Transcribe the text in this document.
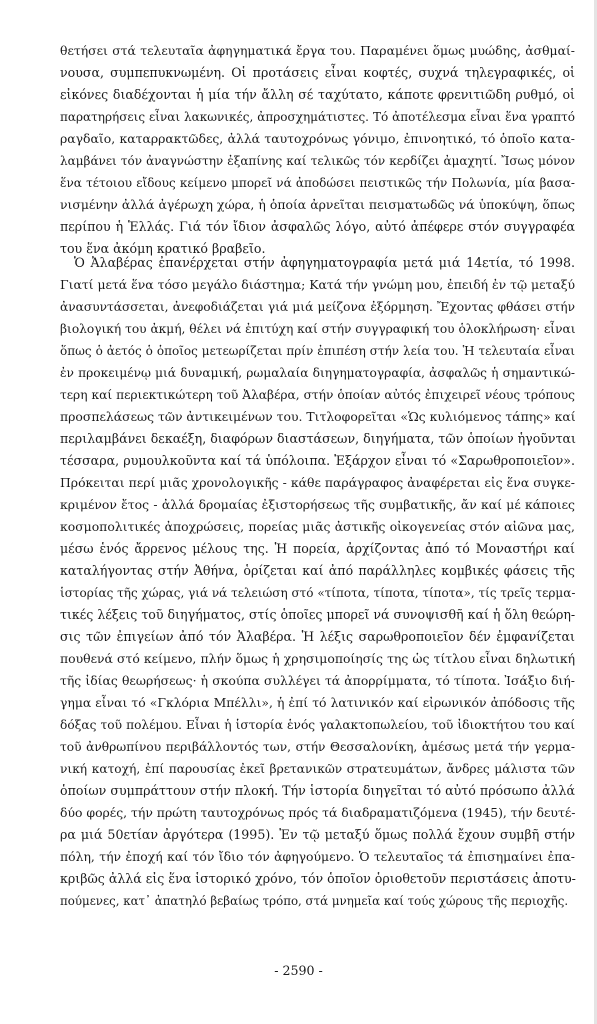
θετήσει στά τελευταῖα ἀφηγηματικά ἔργα του. Παραμένει ὅμως μυώδης, ἀσθμαί-
νουσα, συμπεπυκνωμένη. Οἱ προτάσεις εἶναι κοφτές, συχνά τηλεγραφικές, οἱ
εἰκόνες διαδέχονται ἡ μία τήν ἄλλη σέ ταχύτατο, κάποτε φρενιτιῶδη ρυθμό, οἱ
παρατηρήσεις εἶναι λακωνικές, ἀπροσχημάτιστες. Τό ἀποτέλεσμα εἶναι ἕνα γραπτό
ραγδαῖο, καταρρακτῶδες, ἀλλά ταυτοχρόνως γόνιμο, ἐπινοητικό, τό ὁποῖο κατα-
λαμβάνει τόν ἀναγνώστην ἐξαπίνης καί τελικῶς τόν κερδίζει ἀμαχητί. Ἴσως μόνον
ἕνα τέτοιου εἴδους κείμενο μπορεῖ νά ἀποδώσει πειστικῶς τήν Πολωνία, μία βασα-
νισμένην ἀλλά ἀγέρωχη χώρα, ἡ ὁποία ἀρνεῖται πεισματωδῶς νά ὑποκύψη, ὅπως
περίπου ἡ Ἑλλάς. Γιά τόν ἴδιον ἀσφαλῶς λόγο, αὐτό ἀπέφερε στόν συγγραφέα
του ἕνα ἀκόμη κρατικό βραβεῖο.
Ὁ Ἀλαβέρας ἐπανέρχεται στήν ἀφηγηματογραφία μετά μιά 14ετία, τό 1998.
Γιατί μετά ἕνα τόσο μεγάλο διάστημα; Κατά τήν γνώμη μου, ἐπειδή ἐν τῷ μεταξύ
ἀνασυντάσσεται, ἀνεφοδιάζεται γιά μιά μείζονα ἐξόρμηση. Ἔχοντας φθάσει στήν
βιολογική του ἀκμή, θέλει νά ἐπιτύχη καί στήν συγγραφική του ὁλοκλήρωση· εἶναι
ὅπως ὁ ἀετός ὁ ὁποῖος μετεωρίζεται πρίν ἐπιπέση στήν λεία του. Ἡ τελευταία εἶναι
ἐν προκειμένῳ μιά δυναμική, ρωμαλαία διηγηματογραφία, ἀσφαλῶς ἡ σημαντικώ-
τερη καί περιεκτικώτερη τοῦ Ἀλαβέρα, στήν ὁποίαν αὐτός ἐπιχειρεῖ νέους τρόπους
προσπελάσεως τῶν ἀντικειμένων του. Τιτλοφορεῖται «Ὡς κυλιόμενος τάπης» καί
περιλαμβάνει δεκαέξη, διαφόρων διαστάσεων, διηγήματα, τῶν ὁποίων ἡγοῦνται
τέσσαρα, ρυμουλκοῦντα καί τά ὑπόλοιπα. Ἐξάρχον εἶναι τό «Σαρωθροποιεῖον».
Πρόκειται περί μιᾶς χρονολογικῆς - κάθε παράγραφος ἀναφέρεται εἰς ἕνα συγκε-
κριμένον ἔτος - ἀλλά δρομαίας ἐξιστορήσεως τῆς συμβατικῆς, ἄν καί μέ κάποιες
κοσμοπολιτικές ἀποχρώσεις, πορείας μιᾶς ἀστικῆς οἰκογενείας στόν αἰῶνα μας,
μέσω ἑνός ἄρρενος μέλους της. Ἡ πορεία, ἀρχίζοντας ἀπό τό Μοναστήρι καί
καταλήγοντας στήν Ἀθήνα, ὁρίζεται καί ἀπό παράλληλες κομβικές φάσεις τῆς
ἱστορίας τῆς χώρας, γιά νά τελειώση στό «τίποτα, τίποτα, τίποτα», τίς τρεῖς τερμα-
τικές λέξεις τοῦ διηγήματος, στίς ὁποῖες μπορεῖ νά συνοψισθῆ καί ἡ ὅλη θεώρη-
σις τῶν ἐπιγείων ἀπό τόν Ἀλαβέρα. Ἡ λέξις σαρωθροποιεῖον δέν ἐμφανίζεται
πουθενά στό κείμενο, πλήν ὅμως ἡ χρησιμοποίησίς της ὡς τίτλου εἶναι δηλωτική
τῆς ἰδίας θεωρήσεως· ἡ σκούπα συλλέγει τά ἀπορρίμματα, τό τίποτα. Ἰσάξιο διή-
γημα εἶναι τό «Γκλόρια Μπέλλι», ἡ ἐπί τό λατινικόν καί εἰρωνικόν ἀπόδοσις τῆς
δόξας τοῦ πολέμου. Εἶναι ἡ ἱστορία ἑνός γαλακτοπωλείου, τοῦ ἰδιοκτήτου του καί
τοῦ ἀνθρωπίνου περιβάλλοντός των, στήν Θεσσαλονίκη, ἀμέσως μετά τήν γερμα-
νική κατοχή, ἐπί παρουσίας ἐκεῖ βρετανικῶν στρατευμάτων, ἄνδρες μάλιστα τῶν
ὁποίων συμπράττουν στήν πλοκή. Τήν ἱστορία διηγεῖται τό αὐτό πρόσωπο ἀλλά
δύο φορές, τήν πρώτη ταυτοχρόνως πρός τά διαδραματιζόμενα (1945), τήν δευτέ-
ρα μιά 50ετίαν ἀργότερα (1995). Ἐν τῷ μεταξύ ὅμως πολλά ἔχουν συμβῆ στήν
πόλη, τήν ἐποχή καί τόν ἴδιο τόν ἀφηγούμενο. Ὁ τελευταῖος τά ἐπισημαίνει ἐπα-
κριβῶς ἀλλά εἰς ἕνα ἱστορικό χρόνο, τόν ὁποῖον ὁριοθετοῦν περιστάσεις ἀποτυ-
πούμενες, κατ᾽ ἀπατηλό βεβαίως τρόπο, στά μνημεῖα καί τούς χώρους τῆς περιοχῆς.
- 2590 -
